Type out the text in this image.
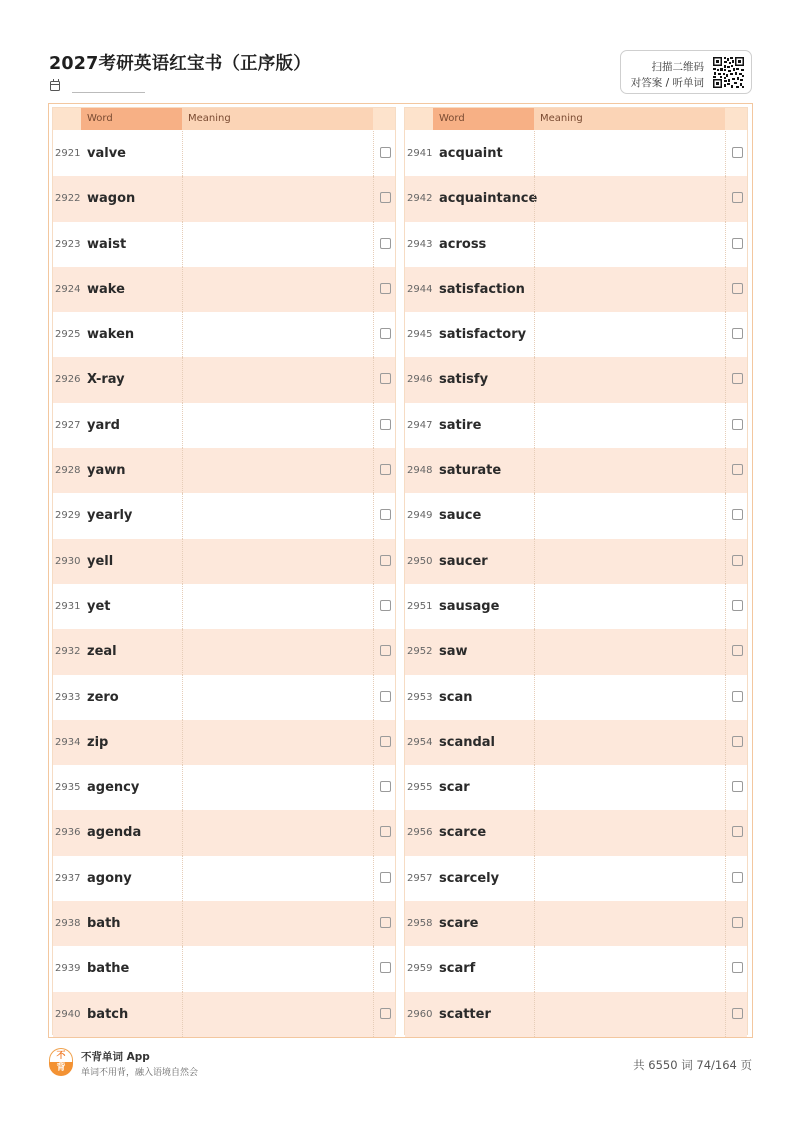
2027考研英语红宝书（正序版）	扫描二维码
对答案 / 听单词
Word	Meaning
2921 valve
2922 wagon
2923 waist
2924 wake
2925 waken
2926 X-ray
2927 yard
2928 yawn
2929 yearly
2930 yell
2931 yet
2932 zeal
2933 zero
2934 zip
2935 agency
2936 agenda
2937 agony
2938 bath
2939 bathe
2940 batch
Word	Meaning
2941 acquaint
2942 acquaintance
2943 across
2944 satisfaction
2945 satisfactory
2946 satisfy
2947 satire
2948 saturate
2949 sauce
2950 saucer
2951 sausage
2952 saw
2953 scan
2954 scandal
2955 scar
2956 scarce
2957 scarcely
2958 scare
2959 scarf
2960 scatter
不
背
不背单词 App
单词不用背，融入语境自然会
共 6550 词 74/164 页
